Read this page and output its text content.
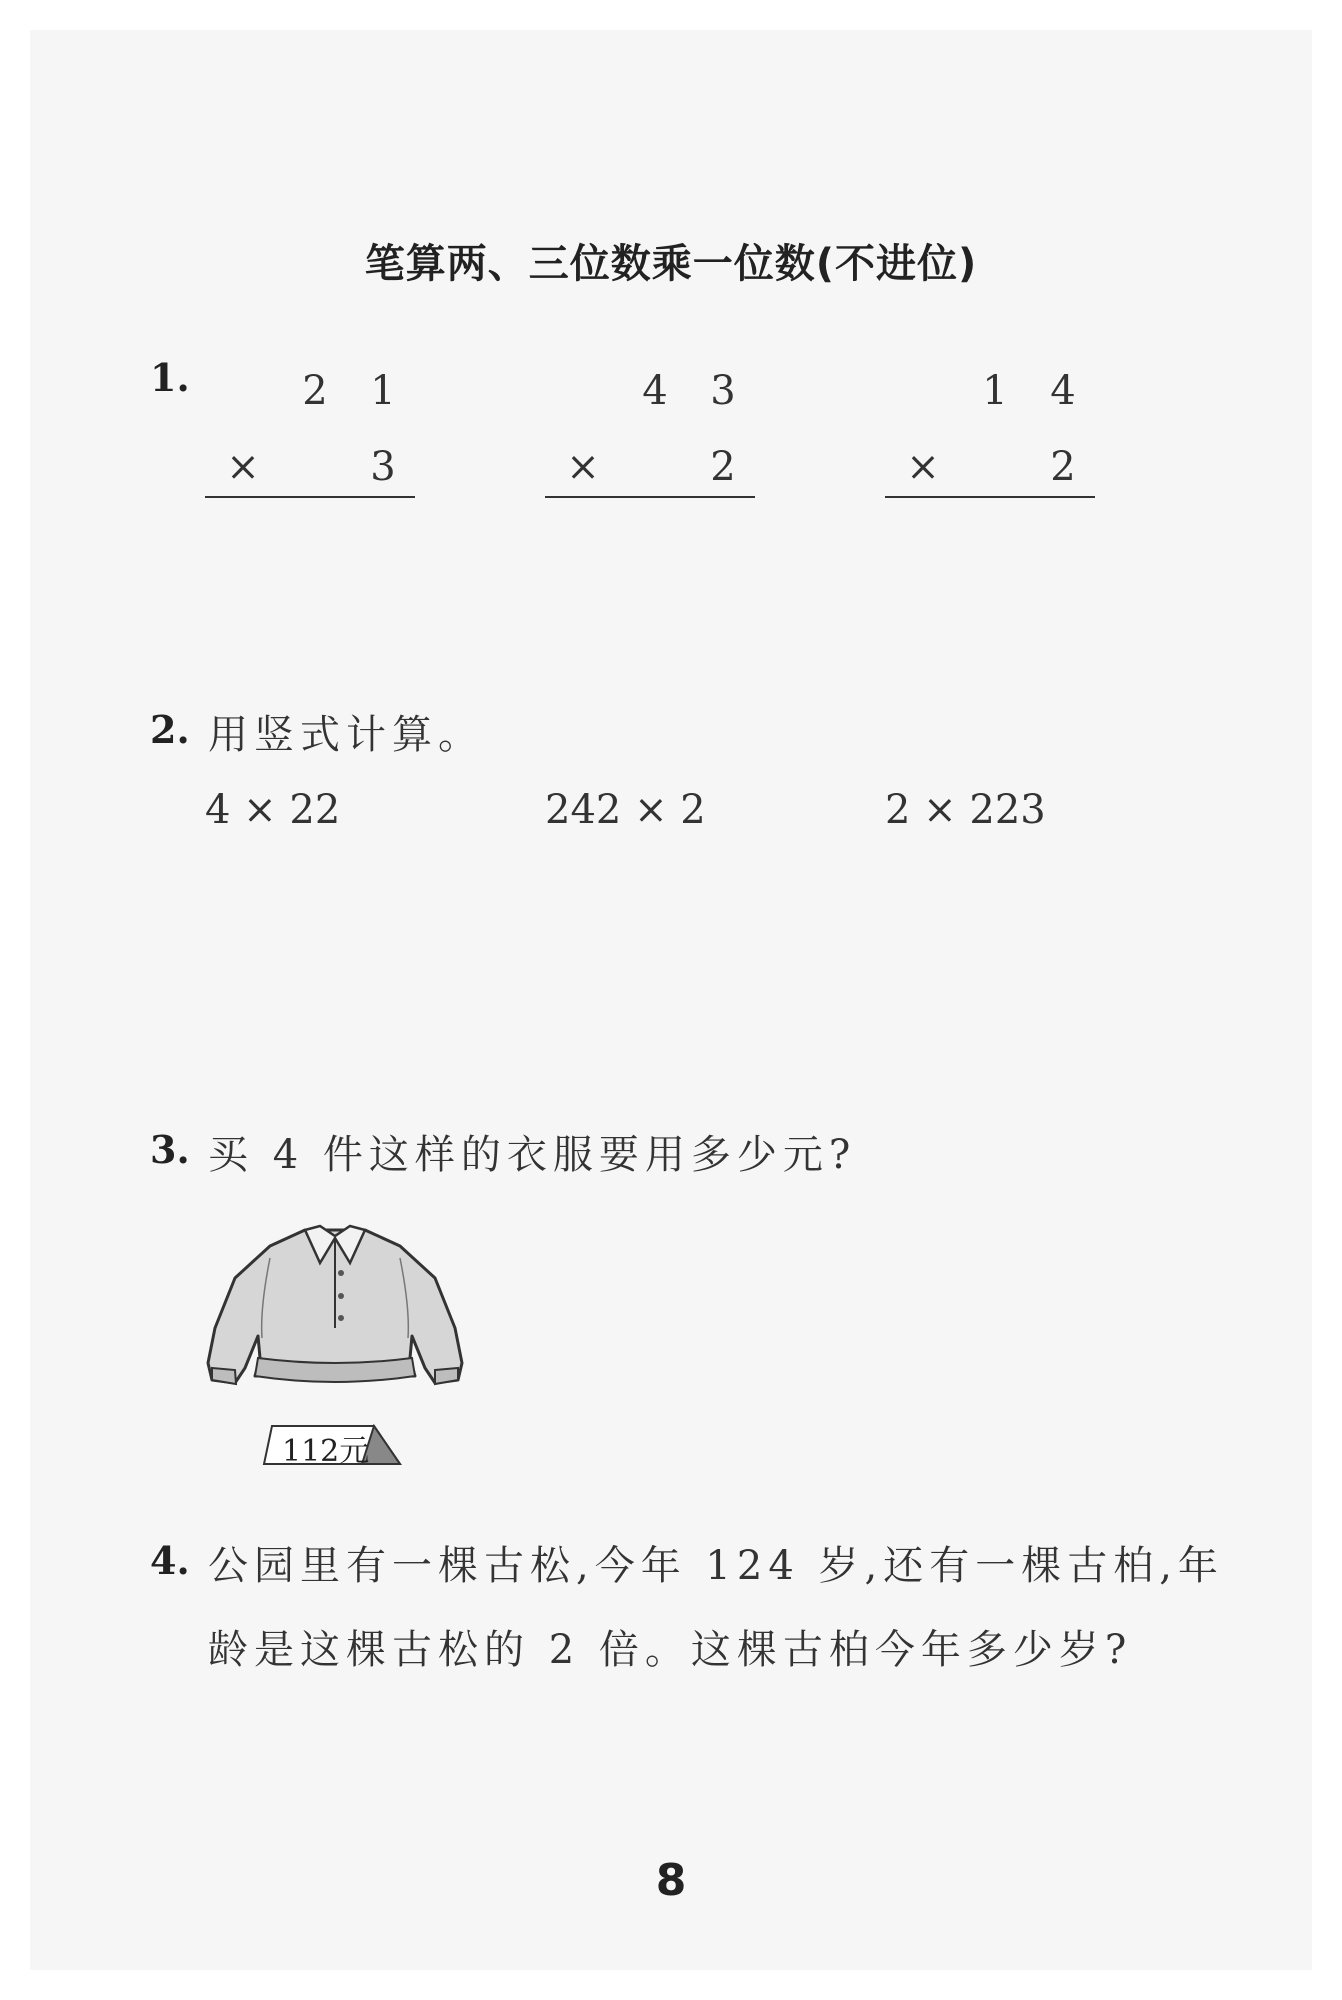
笔算两、三位数乘一位数(不进位)
1.	2 1
×	3
4 3
×	2
1 4
×	2
2. 用竖式计算。
4 × 22	242 × 2	2 × 223
3. 买 4 件这样的衣服要用多少元?
112元
4. 公园里有一棵古松,今年 124 岁,还有一棵古柏,年
龄是这棵古松的 2 倍。这棵古柏今年多少岁?
8
